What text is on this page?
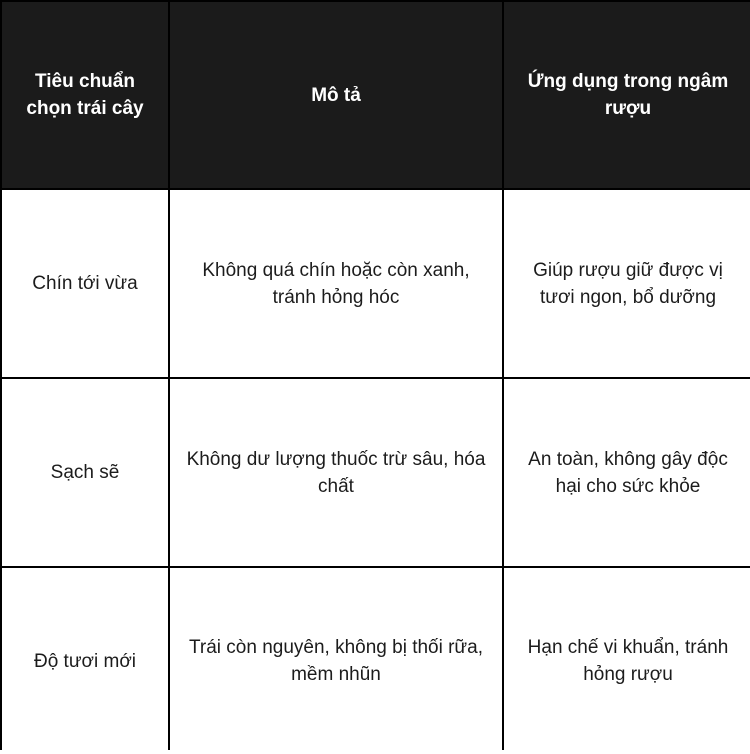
Tiêu chuẩn chọn trái cây
Mô tả
Ứng dụng trong ngâm rượu
Chín tới vừa
Không quá chín hoặc còn xanh, tránh hỏng hóc
Giúp rượu giữ được vị tươi ngon, bổ dưỡng
Sạch sẽ
Không dư lượng thuốc trừ sâu, hóa chất
An toàn, không gây độc hại cho sức khỏe
Độ tươi mới
Trái còn nguyên, không bị thối rữa, mềm nhũn
Hạn chế vi khuẩn, tránh hỏng rượu
